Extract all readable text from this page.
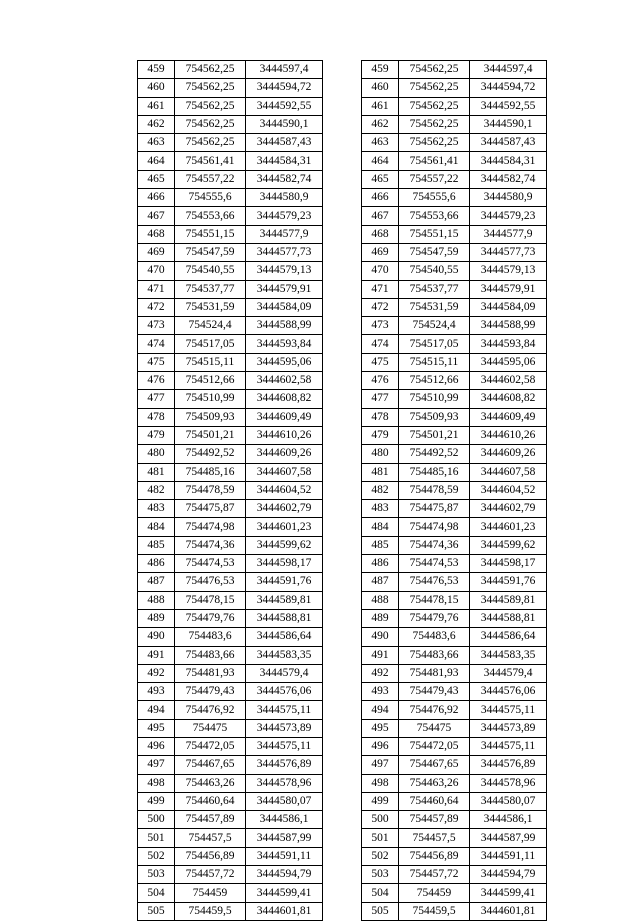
459	754562,25	3444597,4
460	754562,25	3444594,72
461	754562,25	3444592,55
462	754562,25	3444590,1
463	754562,25	3444587,43
464	754561,41	3444584,31
465	754557,22	3444582,74
466	754555,6	3444580,9
467	754553,66	3444579,23
468	754551,15	3444577,9
469	754547,59	3444577,73
470	754540,55	3444579,13
471	754537,77	3444579,91
472	754531,59	3444584,09
473	754524,4	3444588,99
474	754517,05	3444593,84
475	754515,11	3444595,06
476	754512,66	3444602,58
477	754510,99	3444608,82
478	754509,93	3444609,49
479	754501,21	3444610,26
480	754492,52	3444609,26
481	754485,16	3444607,58
482	754478,59	3444604,52
483	754475,87	3444602,79
484	754474,98	3444601,23
485	754474,36	3444599,62
486	754474,53	3444598,17
487	754476,53	3444591,76
488	754478,15	3444589,81
489	754479,76	3444588,81
490	754483,6	3444586,64
491	754483,66	3444583,35
492	754481,93	3444579,4
493	754479,43	3444576,06
494	754476,92	3444575,11
495	754475	3444573,89
496	754472,05	3444575,11
497	754467,65	3444576,89
498	754463,26	3444578,96
499	754460,64	3444580,07
500	754457,89	3444586,1
501	754457,5	3444587,99
502	754456,89	3444591,11
503	754457,72	3444594,79
504	754459	3444599,41
505	754459,5	3444601,81
459	754562,25	3444597,4
460	754562,25	3444594,72
461	754562,25	3444592,55
462	754562,25	3444590,1
463	754562,25	3444587,43
464	754561,41	3444584,31
465	754557,22	3444582,74
466	754555,6	3444580,9
467	754553,66	3444579,23
468	754551,15	3444577,9
469	754547,59	3444577,73
470	754540,55	3444579,13
471	754537,77	3444579,91
472	754531,59	3444584,09
473	754524,4	3444588,99
474	754517,05	3444593,84
475	754515,11	3444595,06
476	754512,66	3444602,58
477	754510,99	3444608,82
478	754509,93	3444609,49
479	754501,21	3444610,26
480	754492,52	3444609,26
481	754485,16	3444607,58
482	754478,59	3444604,52
483	754475,87	3444602,79
484	754474,98	3444601,23
485	754474,36	3444599,62
486	754474,53	3444598,17
487	754476,53	3444591,76
488	754478,15	3444589,81
489	754479,76	3444588,81
490	754483,6	3444586,64
491	754483,66	3444583,35
492	754481,93	3444579,4
493	754479,43	3444576,06
494	754476,92	3444575,11
495	754475	3444573,89
496	754472,05	3444575,11
497	754467,65	3444576,89
498	754463,26	3444578,96
499	754460,64	3444580,07
500	754457,89	3444586,1
501	754457,5	3444587,99
502	754456,89	3444591,11
503	754457,72	3444594,79
504	754459	3444599,41
505	754459,5	3444601,81
